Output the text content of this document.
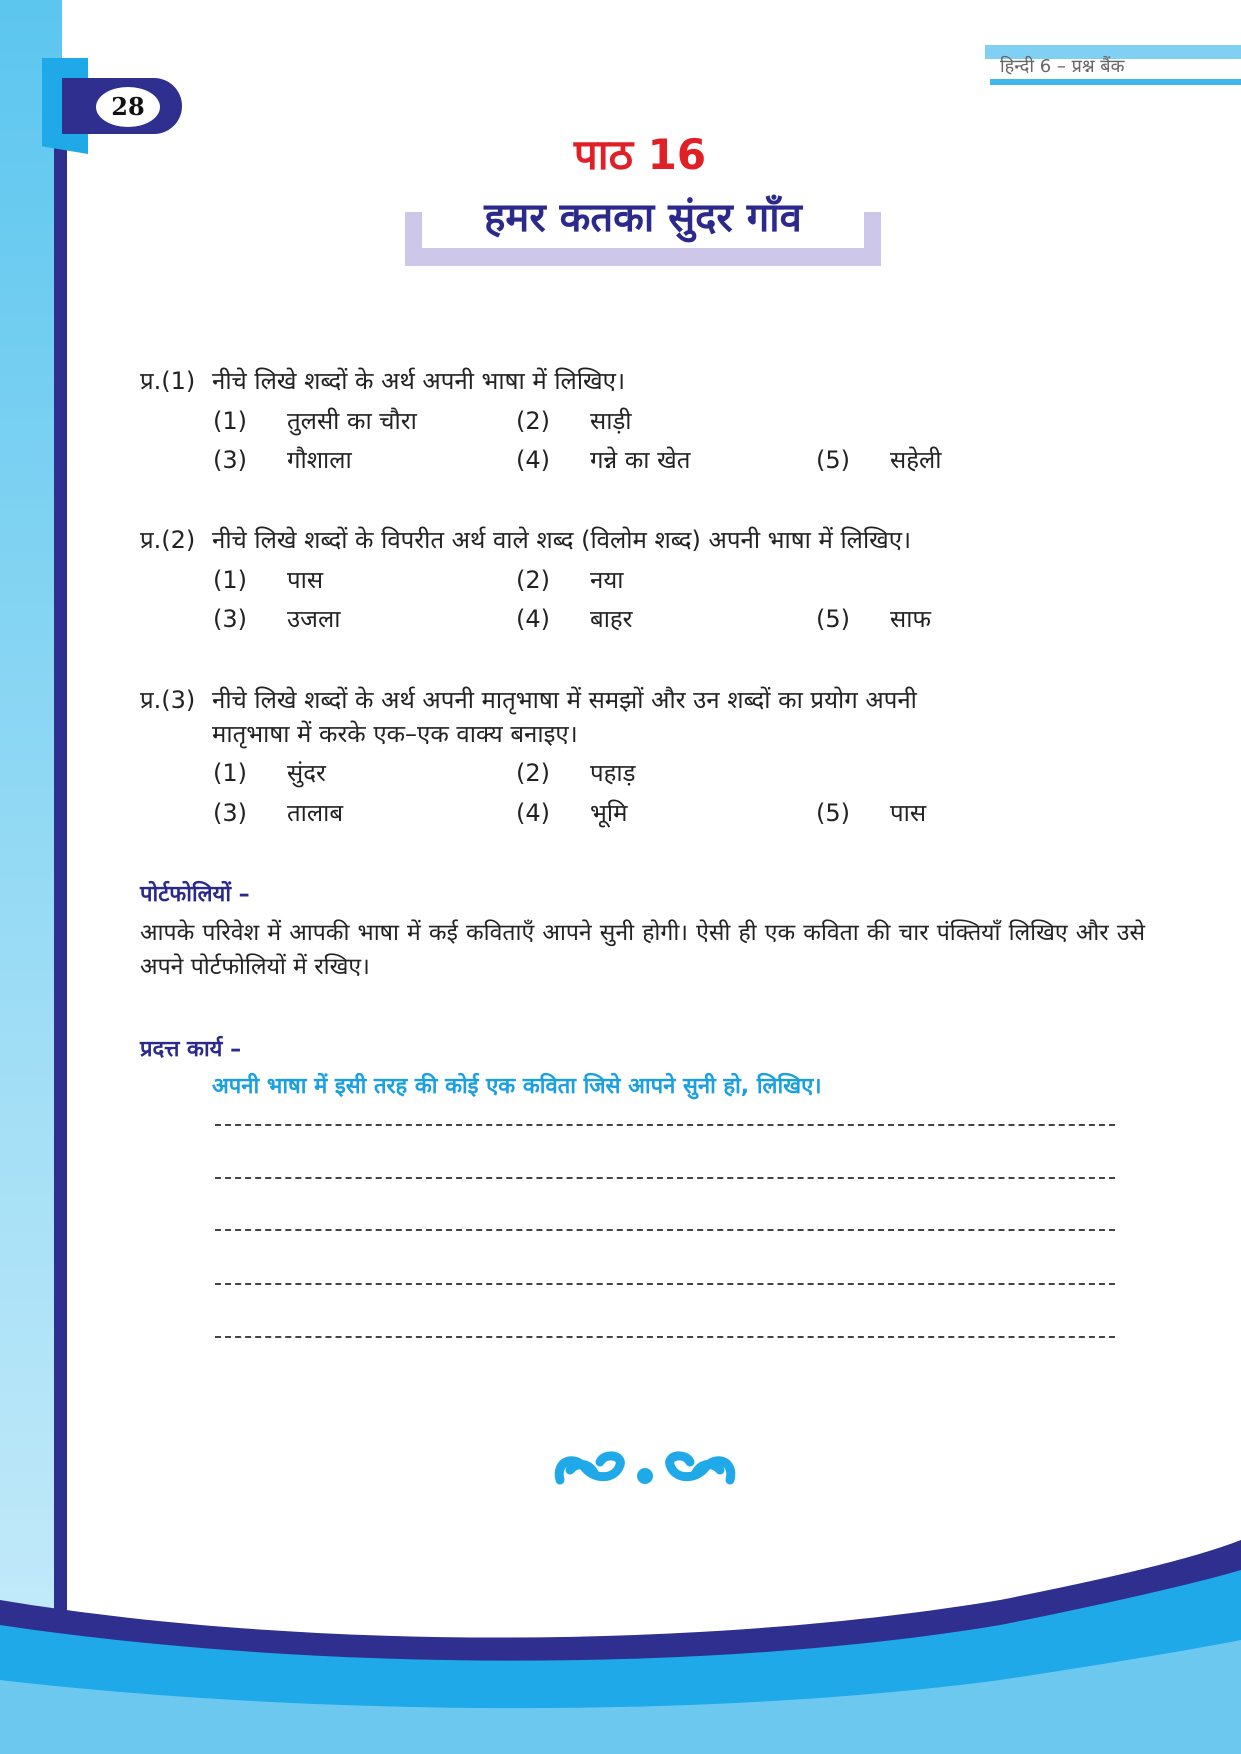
28
हिन्दी 6 – प्रश्न बैंक
पाठ 16
हमर कतका सुंदर गाँव
प्र.(1) नीचे लिखे शब्दों के अर्थ अपनी भाषा में लिखिए।
(1) तुलसी का चौरा	(2) साड़ी
(3) गौशाला	(4) गन्ने का खेत	(5) सहेली
प्र.(2) नीचे लिखे शब्दों के विपरीत अर्थ वाले शब्द (विलोम शब्द) अपनी भाषा में लिखिए।
(1) पास	(2) नया
(3) उजला	(4) बाहर	(5) साफ
प्र.(3) नीचे लिखे शब्दों के अर्थ अपनी मातृभाषा में समझों और उन शब्दों का प्रयोग अपनी
मातृभाषा में करके एक–एक वाक्य बनाइए।
(1) सुंदर	(2) पहाड़
(3) तालाब	(4) भूमि	(5) पास
पोर्टफोलियों –
आपके परिवेश में आपकी भाषा में कई कविताएँ आपने सुनी होगी। ऐसी ही एक कविता की चार पंक्तियाँ लिखिए और उसे अपने पोर्टफोलियों में रखिए।
प्रदत्त कार्य –
अपनी भाषा में इसी तरह की कोई एक कविता जिसे आपने सुनी हो, लिखिए।
